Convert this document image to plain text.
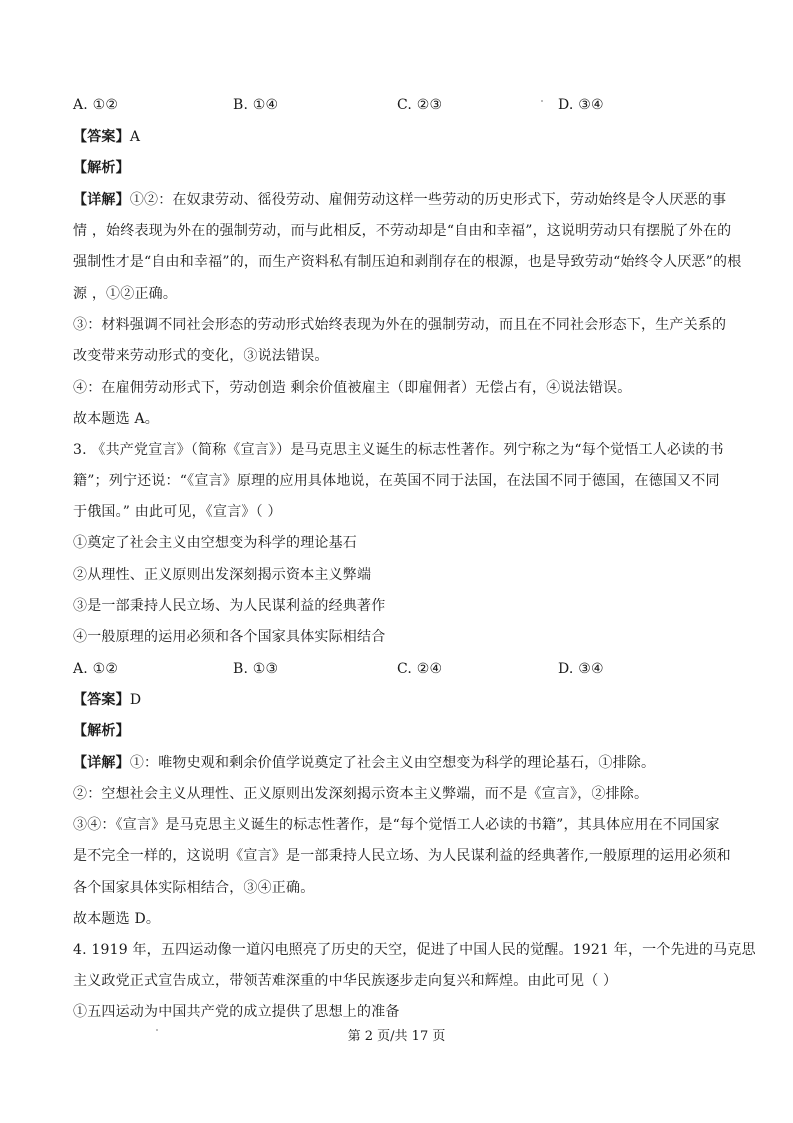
A. ①②	B. ①④	C. ②③	D. ③④
【答案】A
【解析】
【详解】①②：在奴隶劳动、徭役劳动、雇佣劳动这样一些劳动的历史形式下，劳动始终是令人厌恶的事
情 ，始终表现为外在的强制劳动，而与此相反，不劳动却是“自由和幸福”，这说明劳动只有摆脱了外在的
强制性才是“自由和幸福”的，而生产资料私有制压迫和剥削存在的根源，也是导致劳动“始终令人厌恶”的根
源 ，①②正确。
③：材料强调不同社会形态的劳动形式始终表现为外在的强制劳动，而且在不同社会形态下，生产关系的
改变带来劳动形式的变化，③说法错误。
④：在雇佣劳动形式下，劳动创造 剩余价值被雇主（即雇佣者）无偿占有，④说法错误。
故本题选 A。
3. 《共产党宣言》（简称《宣言》）是马克思主义诞生的标志性著作。列宁称之为“每个觉悟工人必读的书
籍”；列宁还说：“《宣言》原理的应用具体地说，在英国不同于法国，在法国不同于德国，在德国又不同
于俄国。” 由此可见，《宣言》（ ）
①奠定了社会主义由空想变为科学的理论基石
②从理性、正义原则出发深刻揭示资本主义弊端
③是一部秉持人民立场、为人民谋利益的经典著作
④一般原理的运用必须和各个国家具体实际相结合
A. ①②	B. ①③	C. ②④	D. ③④
【答案】D
【解析】
【详解】①：唯物史观和剩余价值学说奠定了社会主义由空想变为科学的理论基石，①排除。
②：空想社会主义从理性、正义原则出发深刻揭示资本主义弊端，而不是《宣言》，②排除。
③④：《宣言》是马克思主义诞生的标志性著作，是“每个觉悟工人必读的书籍”，其具体应用在不同国家
是不完全一样的，这说明《宣言》是一部秉持人民立场、为人民谋利益的经典著作,一般原理的运用必须和
各个国家具体实际相结合，③④正确。
故本题选 D。
4. 1919 年，五四运动像一道闪电照亮了历史的天空，促进了中国人民的觉醒。1921 年，一个先进的马克思
主义政党正式宣告成立，带领苦难深重的中华民族逐步走向复兴和辉煌。由此可见（ ）
①五四运动为中国共产党的成立提供了思想上的准备
第 2 页/共 17 页
